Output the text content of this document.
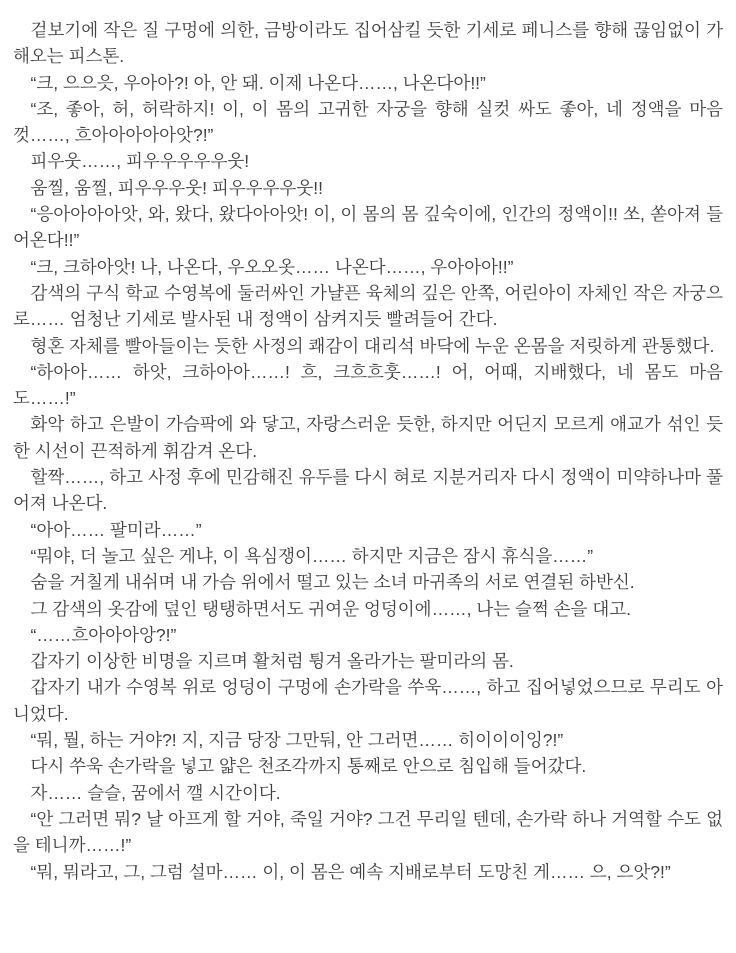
겉보기에 작은 질 구멍에 의한, 금방이라도 집어삼킬 듯한 기세로 페니스를 향해 끊임없이 가해오는 피스톤.

“크, 으으읏, 우아아?! 아, 안 돼. 이제 나온다……, 나온다아!!”

“조, 좋아, 허, 허락하지! 이, 이 몸의 고귀한 자궁을 향해 실컷 싸도 좋아, 네 정액을 마음껏……, 흐아아아아아앗?!”

피우웃……, 피우우우우우웃!

움찔, 움찔, 피우우우웃! 피우우우우웃!!

“응아아아아앗, 와, 왔다, 왔다아아앗! 이, 이 몸의 몸 깊숙이에, 인간의 정액이!! 쏘, 쏟아져 들어온다!!”

“크, 크하아앗! 나, 나온다, 우오오옷…… 나온다……, 우아아아!!”

감색의 구식 학교 수영복에 둘러싸인 가냘픈 육체의 깊은 안쪽, 어린아이 자체인 작은 자궁으로…… 엄청난 기세로 발사된 내 정액이 삼켜지듯 빨려들어 간다.

형혼 자체를 빨아들이는 듯한 사정의 쾌감이 대리석 바닥에 누운 온몸을 저릿하게 관통했다.

“하아아…… 하앗, 크하아아……! 흐, 크흐흐훗……! 어, 어때, 지배했다, 네 몸도 마음도……!”

화악 하고 은발이 가슴팍에 와 닿고, 자랑스러운 듯한, 하지만 어딘지 모르게 애교가 섞인 듯한 시선이 끈적하게 휘감겨 온다.

할짝……, 하고 사정 후에 민감해진 유두를 다시 혀로 지분거리자 다시 정액이 미약하나마 풀어져 나온다.

“아아…… 팔미라……”

“뭐야, 더 놀고 싶은 게냐, 이 욕심쟁이…… 하지만 지금은 잠시 휴식을……”

숨을 거칠게 내쉬며 내 가슴 위에서 떨고 있는 소녀 마귀족의 서로 연결된 하반신.

그 감색의 옷감에 덮인 탱탱하면서도 귀여운 엉덩이에……, 나는 슬쩍 손을 대고.

“……흐아아아앙?!”

갑자기 이상한 비명을 지르며 활처럼 튕겨 올라가는 팔미라의 몸.

갑자기 내가 수영복 위로 엉덩이 구멍에 손가락을 쑤욱……, 하고 집어넣었으므로 무리도 아니었다.

“뭐, 뭘, 하는 거야?! 지, 지금 당장 그만둬, 안 그러면…… 히이이이잉?!”

다시 쑤욱 손가락을 넣고 얇은 천조각까지 통째로 안으로 침입해 들어갔다.

자…… 슬슬, 꿈에서 깰 시간이다.

“안 그러면 뭐? 날 아프게 할 거야, 죽일 거야? 그건 무리일 텐데, 손가락 하나 거역할 수도 없을 테니까……!”

“뭐, 뭐라고, 그, 그럼 설마…… 이, 이 몸은 예속 지배로부터 도망친 게…… 으, 으앗?!”
